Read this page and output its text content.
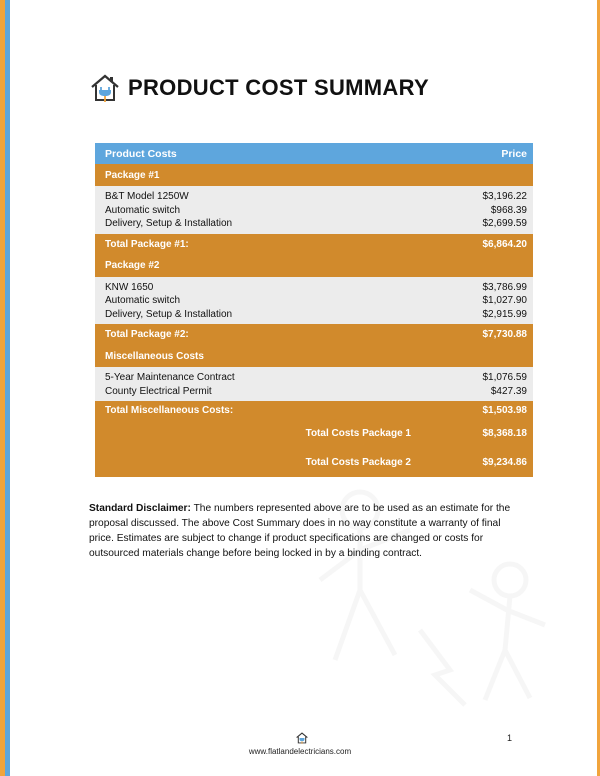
PRODUCT COST SUMMARY
Product Costs	Price
Package #1
B&T Model 1250W	$3,196.22
Automatic switch	$968.39
Delivery, Setup & Installation	$2,699.59
Total Package #1:	$6,864.20
Package #2
KNW 1650	$3,786.99
Automatic switch	$1,027.90
Delivery, Setup & Installation	$2,915.99
Total Package #2:	$7,730.88
Miscellaneous Costs
5-Year Maintenance Contract	$1,076.59
County Electrical Permit	$427.39
Total Miscellaneous Costs:	$1,503.98
Total Costs Package 1	$8,368.18
Total Costs Package 2	$9,234.86
Standard Disclaimer: The numbers represented above are to be used as an estimate for the proposal discussed. The above Cost Summary does in no way constitute a warranty of final price. Estimates are subject to change if product specifications are changed or costs for outsourced materials change before being locked in by a binding contract.
www.flatlandelectricians.com
1
